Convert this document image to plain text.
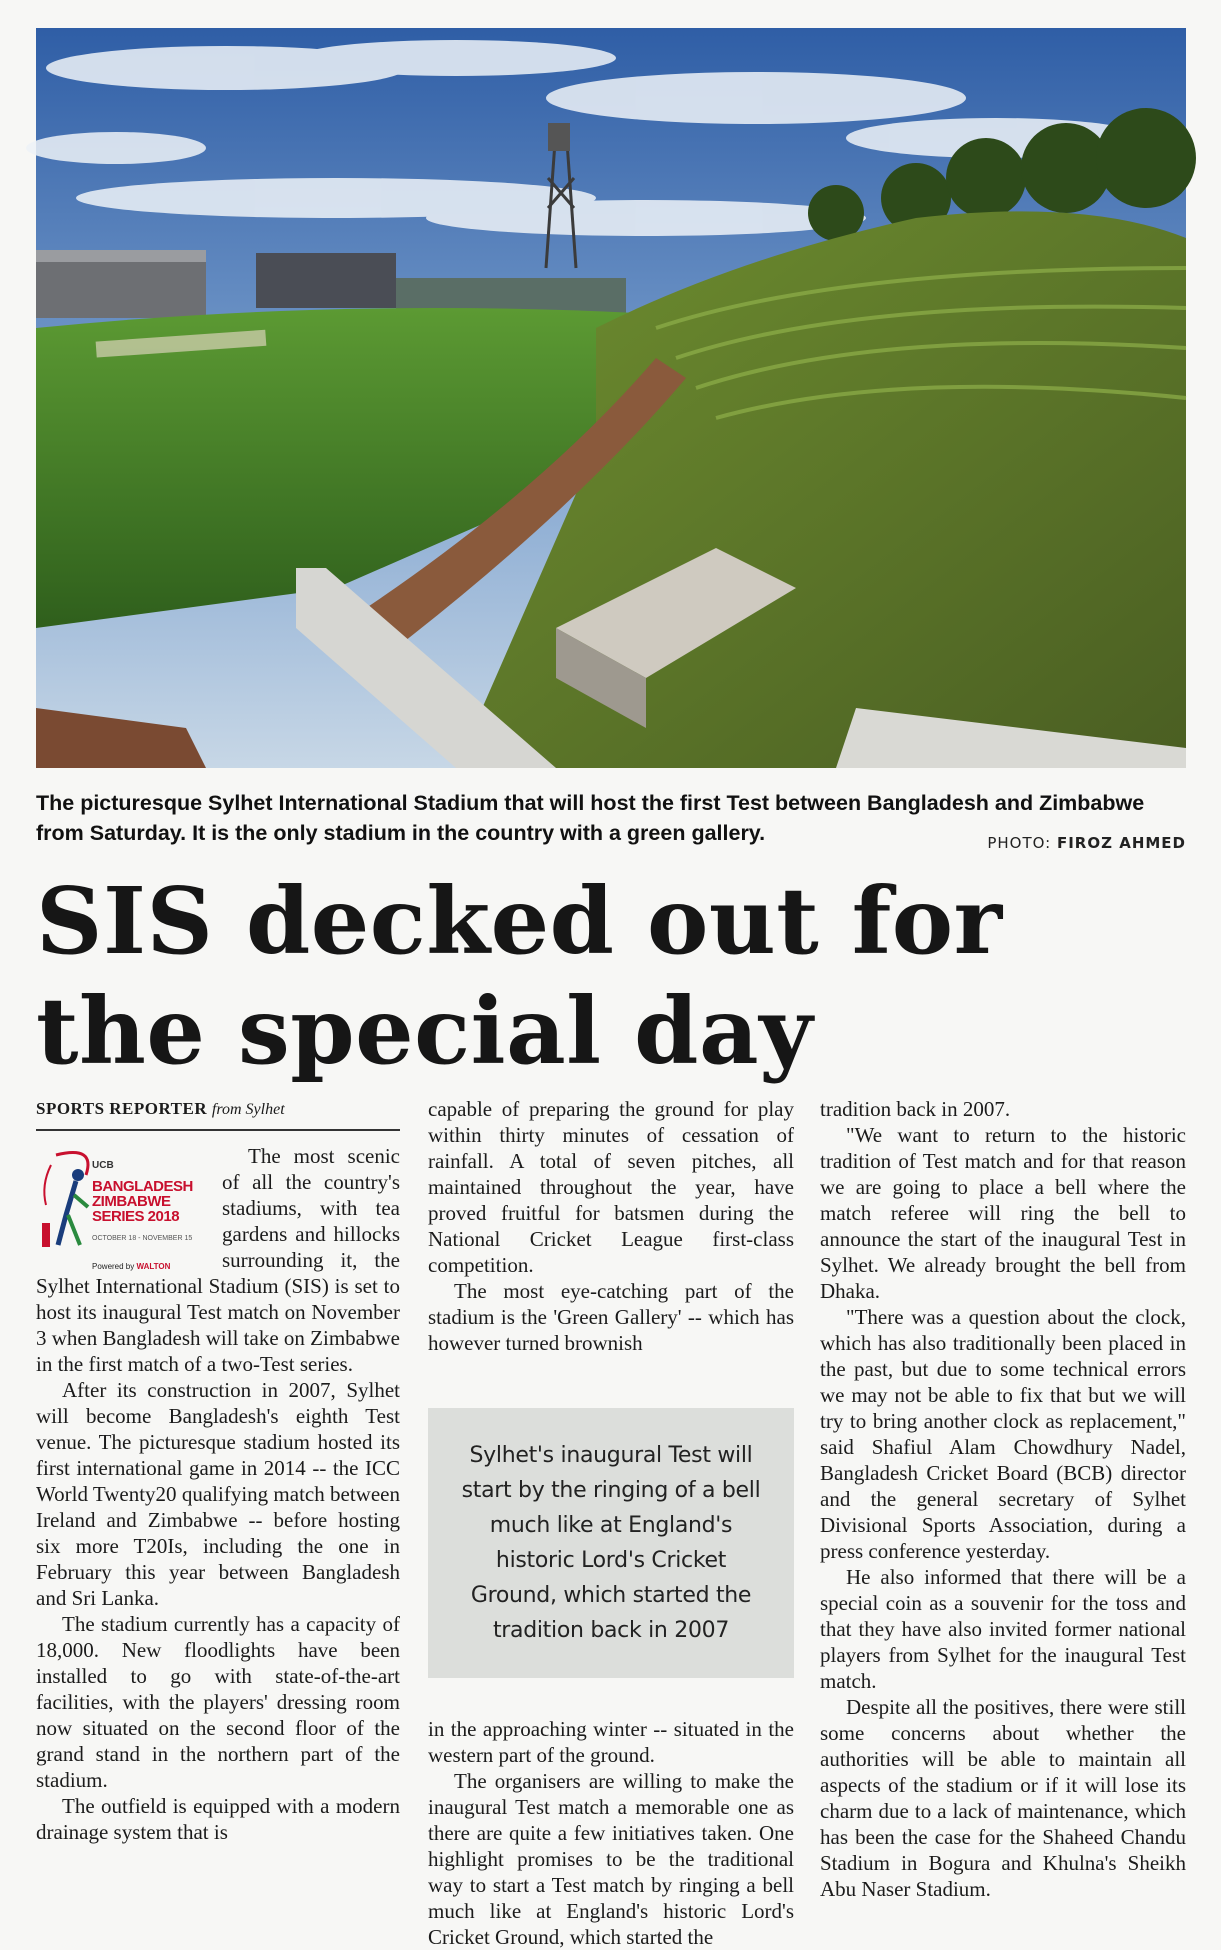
The picturesque Sylhet International Stadium that will host the first Test between Bangladesh and Zimbabwe
from Saturday. It is the only stadium in the country with a green gallery.	PHOTO: FIROZ AHMED
SIS decked out for
the special day
SPORTS REPORTER from Sylhet
UCB
BANGLADESH
ZIMBABWE
SERIES 2018
OCTOBER 18 - NOVEMBER 15
Powered by WALTON

The most scenic of all the country's stadiums, with tea gardens and hillocks surrounding it, the Sylhet International Stadium (SIS) is set to host its inaugural Test match on November 3 when Bangladesh will take on Zimbabwe in the first match of a two-Test series.

After its construction in 2007, Sylhet will become Bangladesh's eighth Test venue. The picturesque stadium hosted its first international game in 2014 -- the ICC World Twenty20 qualifying match between Ireland and Zimbabwe -- before hosting six more T20Is, including the one in February this year between Bangladesh and Sri Lanka.

The stadium currently has a capacity of 18,000. New floodlights have been installed to go with state-of-the-art facilities, with the players' dressing room now situated on the second floor of the grand stand in the northern part of the stadium.

The outfield is equipped with a modern drainage system that is

capable of preparing the ground for play within thirty minutes of cessation of rainfall. A total of seven pitches, all maintained throughout the year, have proved fruitful for batsmen during the National Cricket League first-class competition.

The most eye-catching part of the stadium is the 'Green Gallery' -- which has however turned brownish

Sylhet's inaugural Test will start by the ringing of a bell much like at England's historic Lord's Cricket Ground, which started the tradition back in 2007

in the approaching winter -- situated in the western part of the ground.

The organisers are willing to make the inaugural Test match a memorable one as there are quite a few initiatives taken. One highlight promises to be the traditional way to start a Test match by ringing a bell much like at England's historic Lord's Cricket Ground, which started the

tradition back in 2007.

"We want to return to the historic tradition of Test match and for that reason we are going to place a bell where the match referee will ring the bell to announce the start of the inaugural Test in Sylhet. We already brought the bell from Dhaka.

"There was a question about the clock, which has also traditionally been placed in the past, but due to some technical errors we may not be able to fix that but we will try to bring another clock as replacement," said Shafiul Alam Chowdhury Nadel, Bangladesh Cricket Board (BCB) director and the general secretary of Sylhet Divisional Sports Association, during a press conference yesterday.

He also informed that there will be a special coin as a souvenir for the toss and that they have also invited former national players from Sylhet for the inaugural Test match.

Despite all the positives, there were still some concerns about whether the authorities will be able to maintain all aspects of the stadium or if it will lose its charm due to a lack of maintenance, which has been the case for the Shaheed Chandu Stadium in Bogura and Khulna's Sheikh Abu Naser Stadium.
